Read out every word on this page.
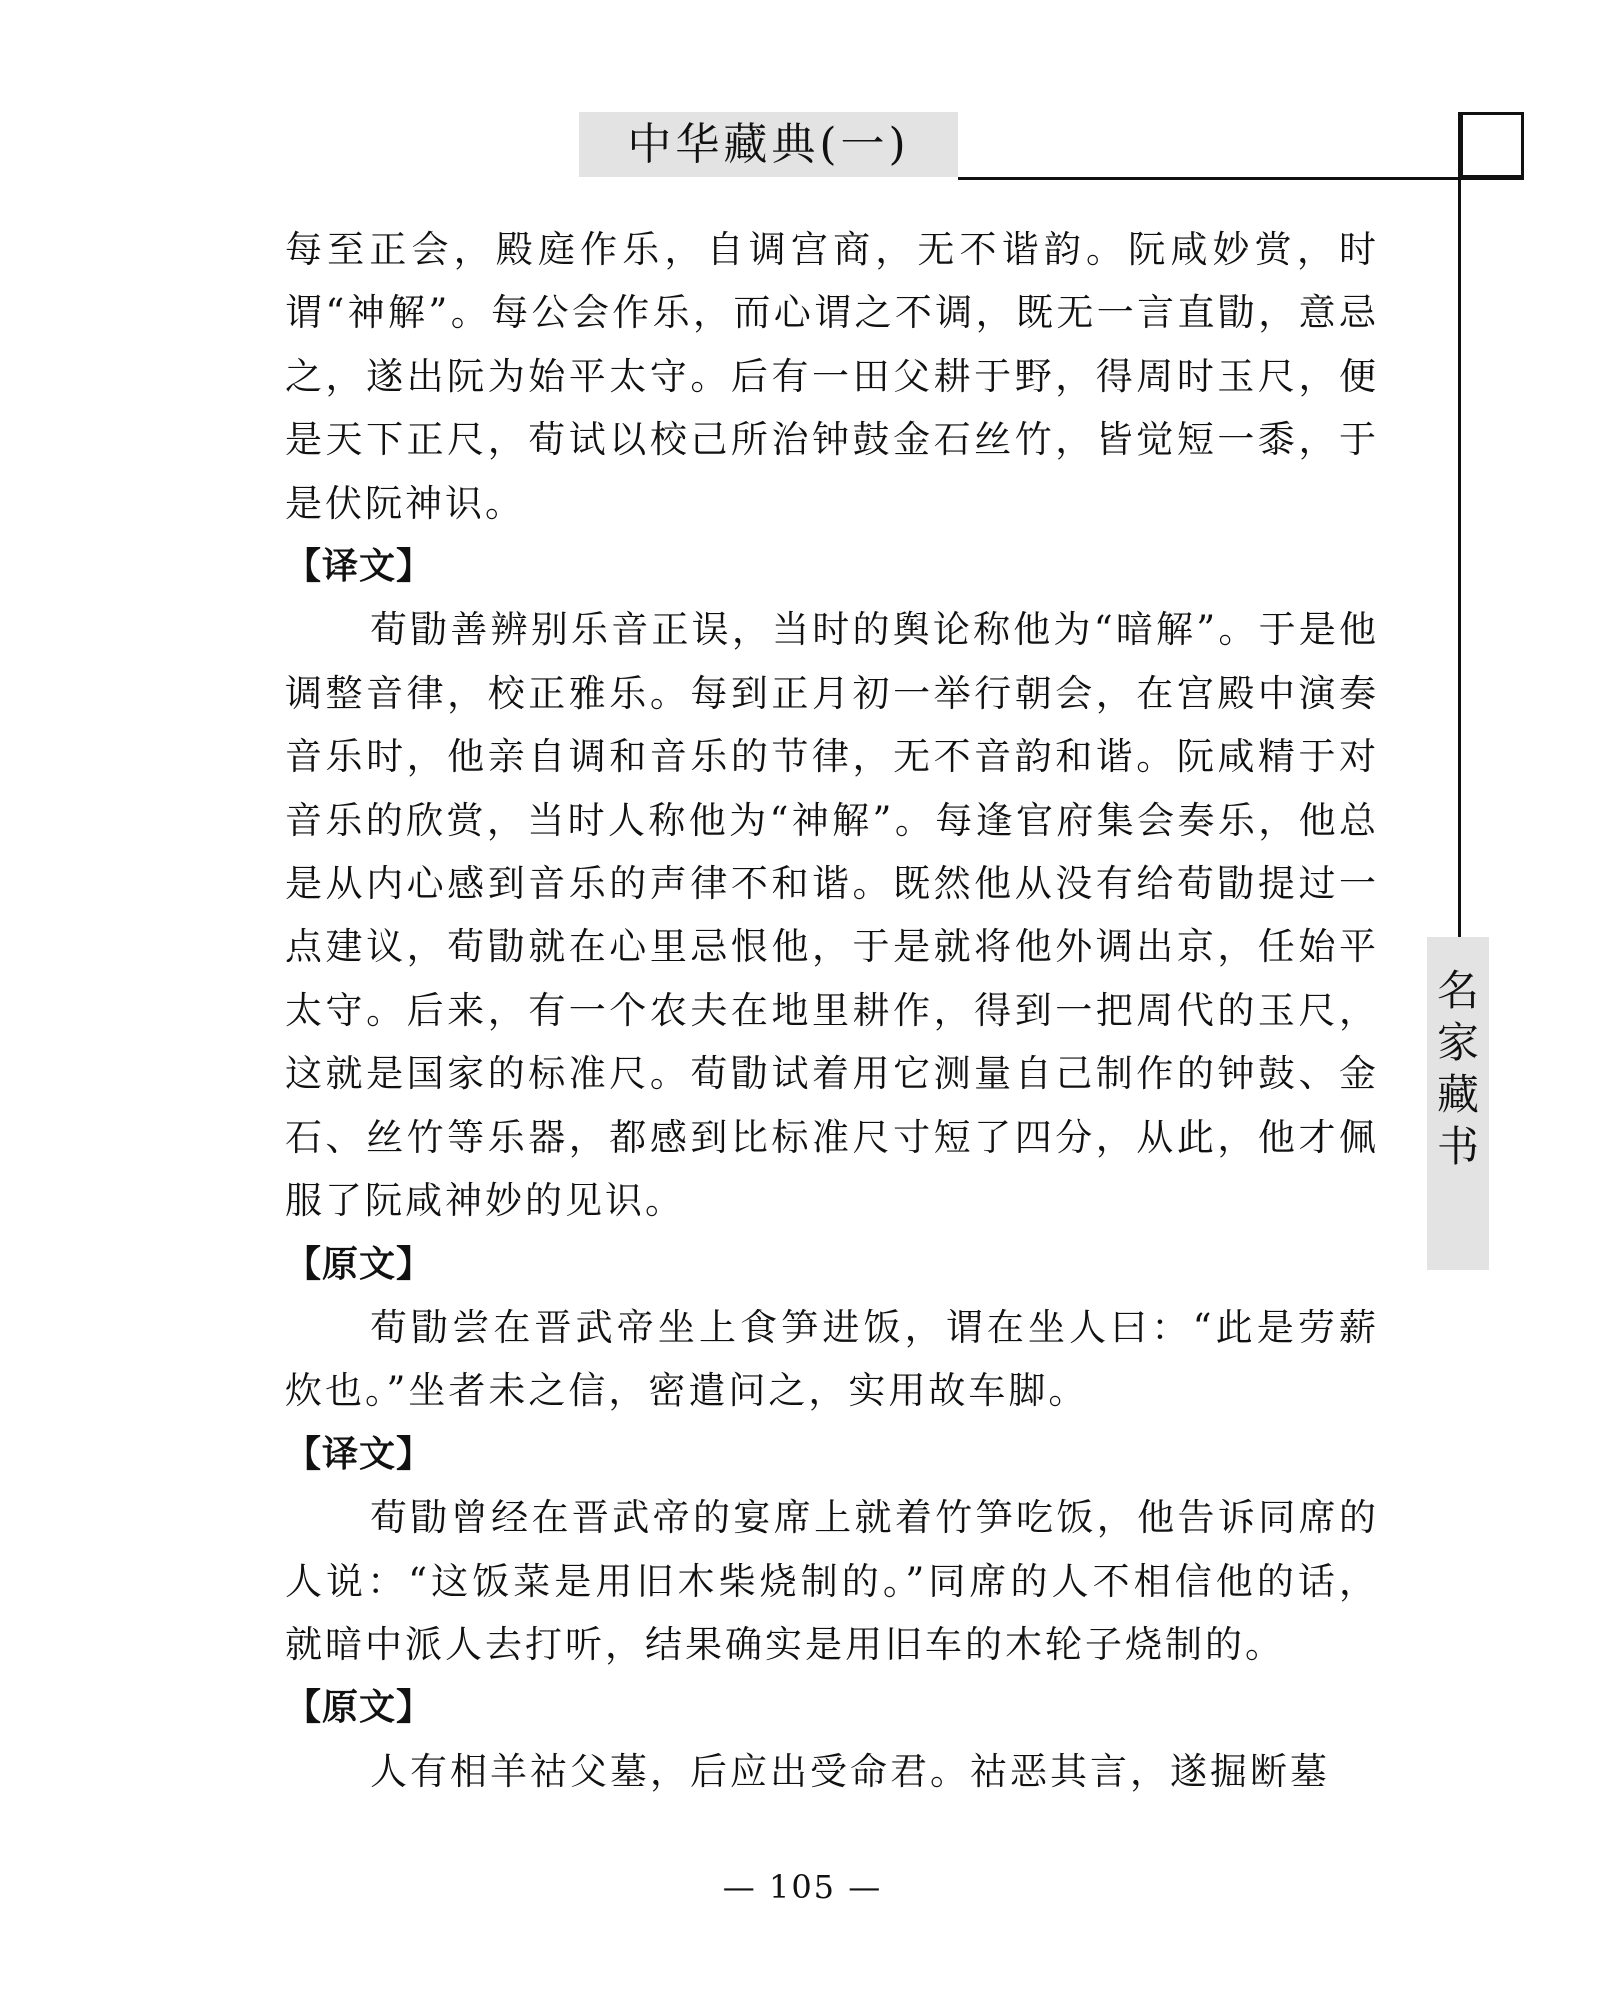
中华藏典(一)
名
家
藏
书

每至正会，殿庭作乐，自调宫商，无不谐韵。阮咸妙赏，时谓“神解”。每公会作乐，而心谓之不调，既无一言直勖，意忌之，遂出阮为始平太守。后有一田父耕于野，得周时玉尺，便是天下正尺，荀试以校己所治钟鼓金石丝竹，皆觉短一黍，于是伏阮神识。

【译文】

荀勖善辨别乐音正误，当时的舆论称他为“暗解”。于是他调整音律，校正雅乐。每到正月初一举行朝会，在宫殿中演奏音乐时，他亲自调和音乐的节律，无不音韵和谐。阮咸精于对音乐的欣赏，当时人称他为“神解”。每逢官府集会奏乐，他总是从内心感到音乐的声律不和谐。既然他从没有给荀勖提过一点建议，荀勖就在心里忌恨他，于是就将他外调出京，任始平太守。后来，有一个农夫在地里耕作，得到一把周代的玉尺，这就是国家的标准尺。荀勖试着用它测量自己制作的钟鼓、金石、丝竹等乐器，都感到比标准尺寸短了四分，从此，他才佩服了阮咸神妙的见识。

【原文】

荀勖尝在晋武帝坐上食笋进饭，谓在坐人曰：“此是劳薪炊也。”坐者未之信，密遣问之，实用故车脚。

【译文】

荀勖曾经在晋武帝的宴席上就着竹笋吃饭，他告诉同席的人说：“这饭菜是用旧木柴烧制的。”同席的人不相信他的话，就暗中派人去打听，结果确实是用旧车的木轮子烧制的。

【原文】

人有相羊祜父墓，后应出受命君。祜恶其言，遂掘断墓

— 105 —
